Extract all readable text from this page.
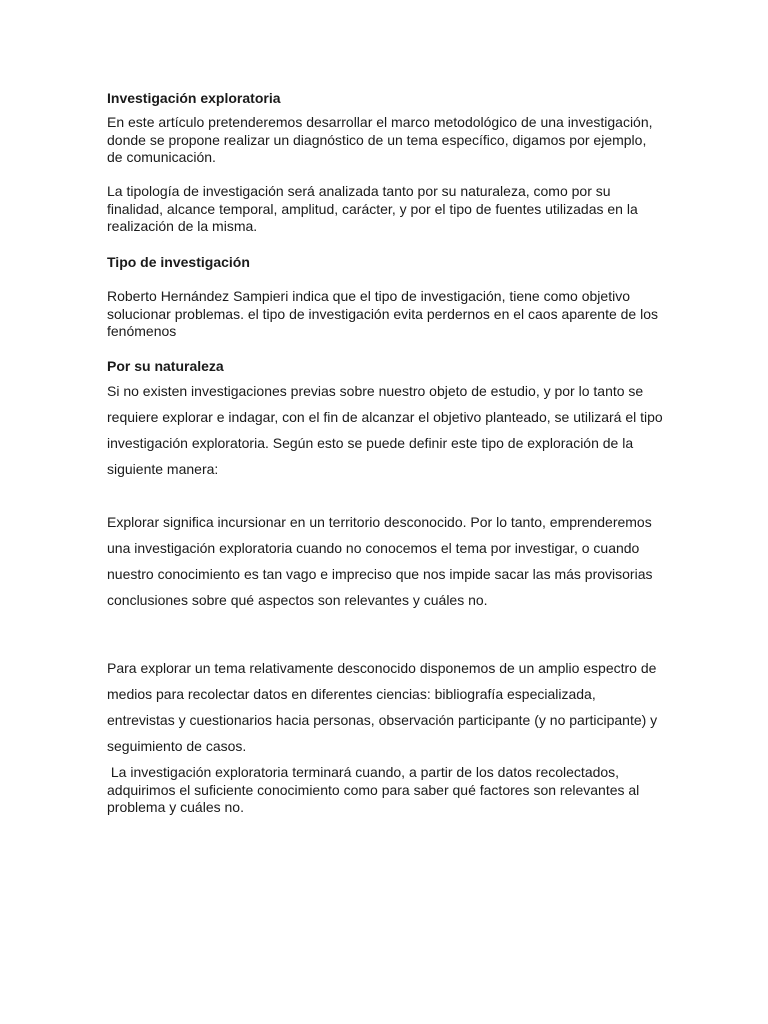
Investigación exploratoria

En este artículo pretenderemos desarrollar el marco metodológico de una investigación, donde se propone realizar un diagnóstico de un tema específico, digamos por ejemplo, de comunicación.

La tipología de investigación será analizada tanto por su naturaleza, como por su finalidad, alcance temporal, amplitud, carácter, y por el tipo de fuentes utilizadas en la realización de la misma.

Tipo de investigación

Roberto Hernández Sampieri indica que el tipo de investigación, tiene como objetivo solucionar problemas. el tipo de investigación evita perdernos en el caos aparente de los fenómenos

Por su naturaleza

Si no existen investigaciones previas sobre nuestro objeto de estudio, y por lo tanto se requiere explorar e indagar, con el fin de alcanzar el objetivo planteado, se utilizará el tipo investigación exploratoria. Según esto se puede definir este tipo de exploración de la siguiente manera:

Explorar significa incursionar en un territorio desconocido. Por lo tanto, emprenderemos una investigación exploratoria cuando no conocemos el tema por investigar, o cuando nuestro conocimiento es tan vago e impreciso que nos impide sacar las más provisorias conclusiones sobre qué aspectos son relevantes y cuáles no.

Para explorar un tema relativamente desconocido disponemos de un amplio espectro de medios para recolectar datos en diferentes ciencias: bibliografía especializada, entrevistas y cuestionarios hacia personas, observación participante (y no participante) y seguimiento de casos.

La investigación exploratoria terminará cuando, a partir de los datos recolectados, adquirimos el suficiente conocimiento como para saber qué factores son relevantes al problema y cuáles no.
